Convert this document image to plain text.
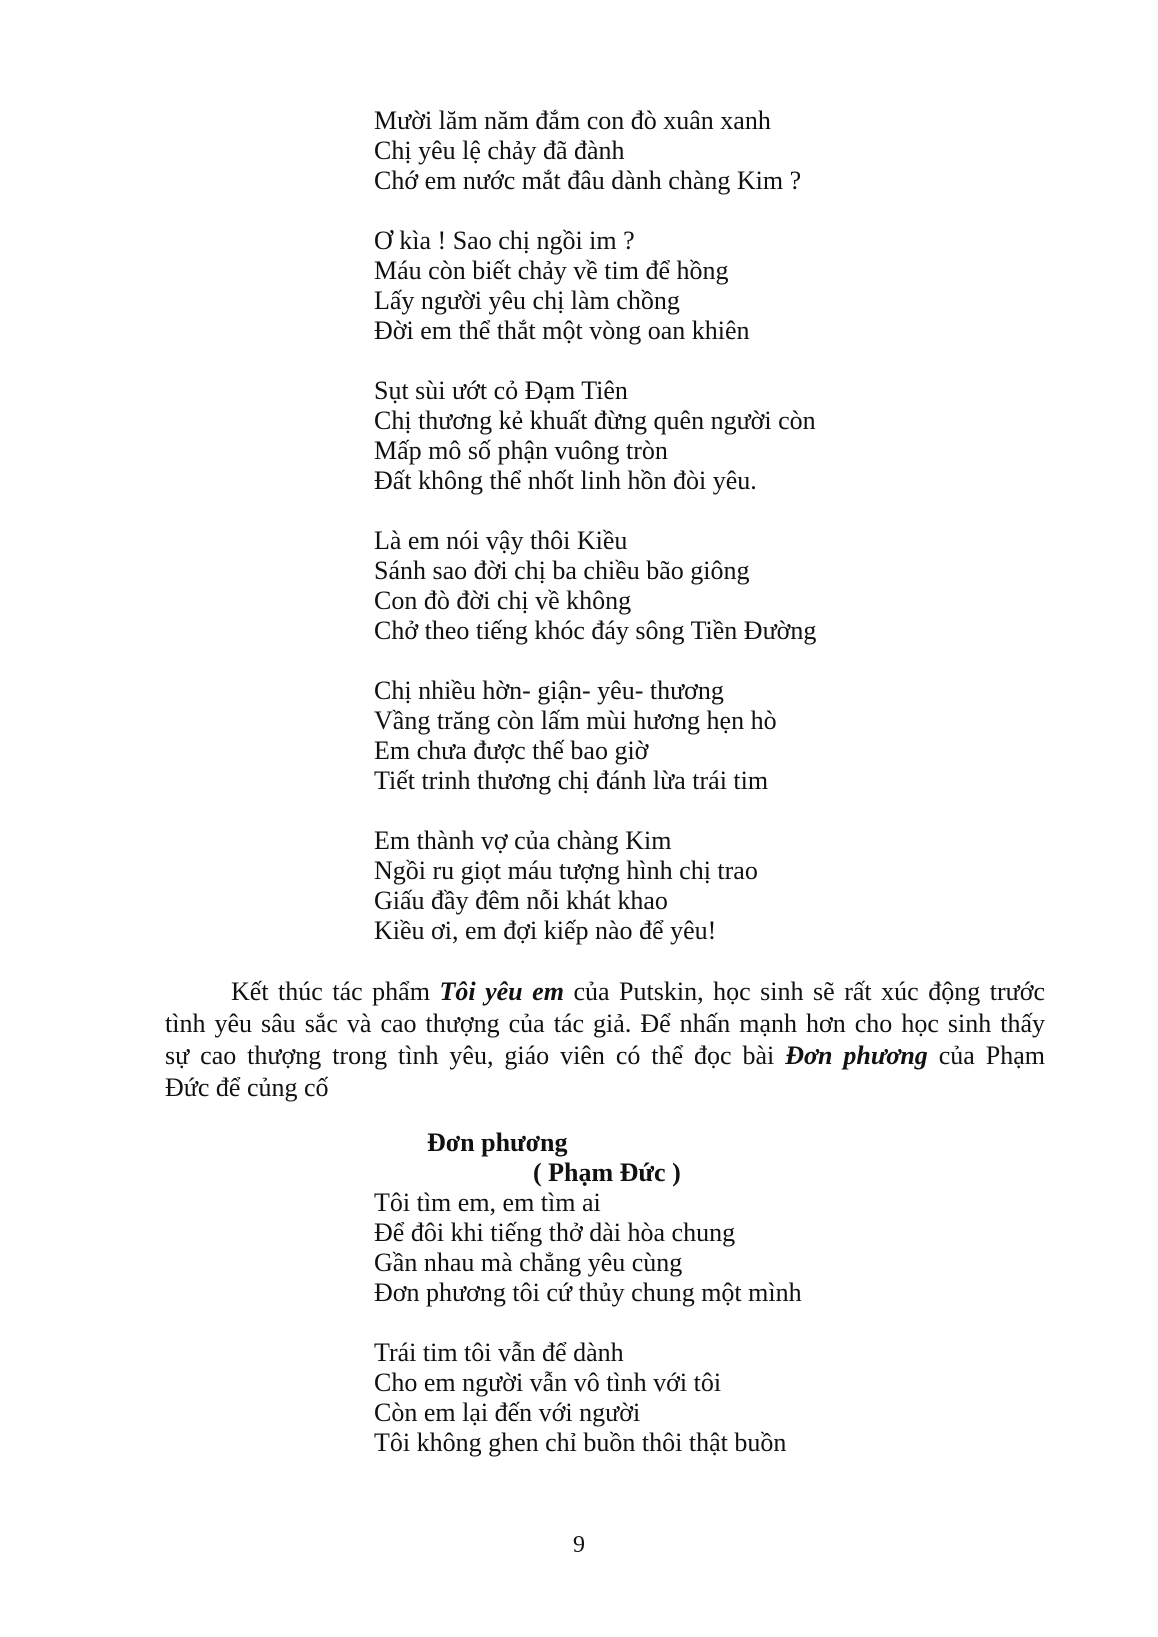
Mười lăm năm đắm con đò xuân xanh
Chị yêu lệ chảy đã đành
Chớ em nước mắt đâu dành chàng Kim ?
Ơ kìa ! Sao chị ngồi im ?
Máu còn biết chảy về tim để hồng
Lấy người yêu chị làm chồng
Đời em thể thắt một vòng oan khiên
Sụt sùi ướt cỏ Đạm Tiên
Chị thương kẻ khuất đừng quên người còn
Mấp mô số phận vuông tròn
Đất không thể nhốt linh hồn đòi yêu.
Là em nói vậy thôi Kiều
Sánh sao đời chị ba chiều bão giông
Con đò đời chị về không
Chở theo tiếng khóc đáy sông Tiền Đường
Chị nhiều hờn- giận- yêu- thương
Vầng trăng còn lấm mùi hương hẹn hò
Em chưa được thế bao giờ
Tiết trinh thương chị đánh lừa trái tim
Em thành vợ của chàng Kim
Ngồi ru giọt máu tượng hình chị trao
Giấu đầy đêm nỗi khát khao
Kiều ơi, em đợi kiếp nào để yêu!
Kết thúc tác phẩm Tôi yêu em của Putskin, học sinh sẽ rất xúc động trước
tình yêu sâu sắc và cao thượng của tác giả. Để nhấn mạnh hơn cho học sinh thấy
sự cao thượng trong tình yêu, giáo viên có thể đọc bài Đơn phương của Phạm
Đức để củng cố
Đơn phương
( Phạm Đức )
Tôi tìm em, em tìm ai
Để đôi khi tiếng thở dài hòa chung
Gần nhau mà chẳng yêu cùng
Đơn phương tôi cứ thủy chung một mình
Trái tim tôi vẫn để dành
Cho em người vẫn vô tình với tôi
Còn em lại đến với người
Tôi không ghen chỉ buồn thôi thật buồn
9
